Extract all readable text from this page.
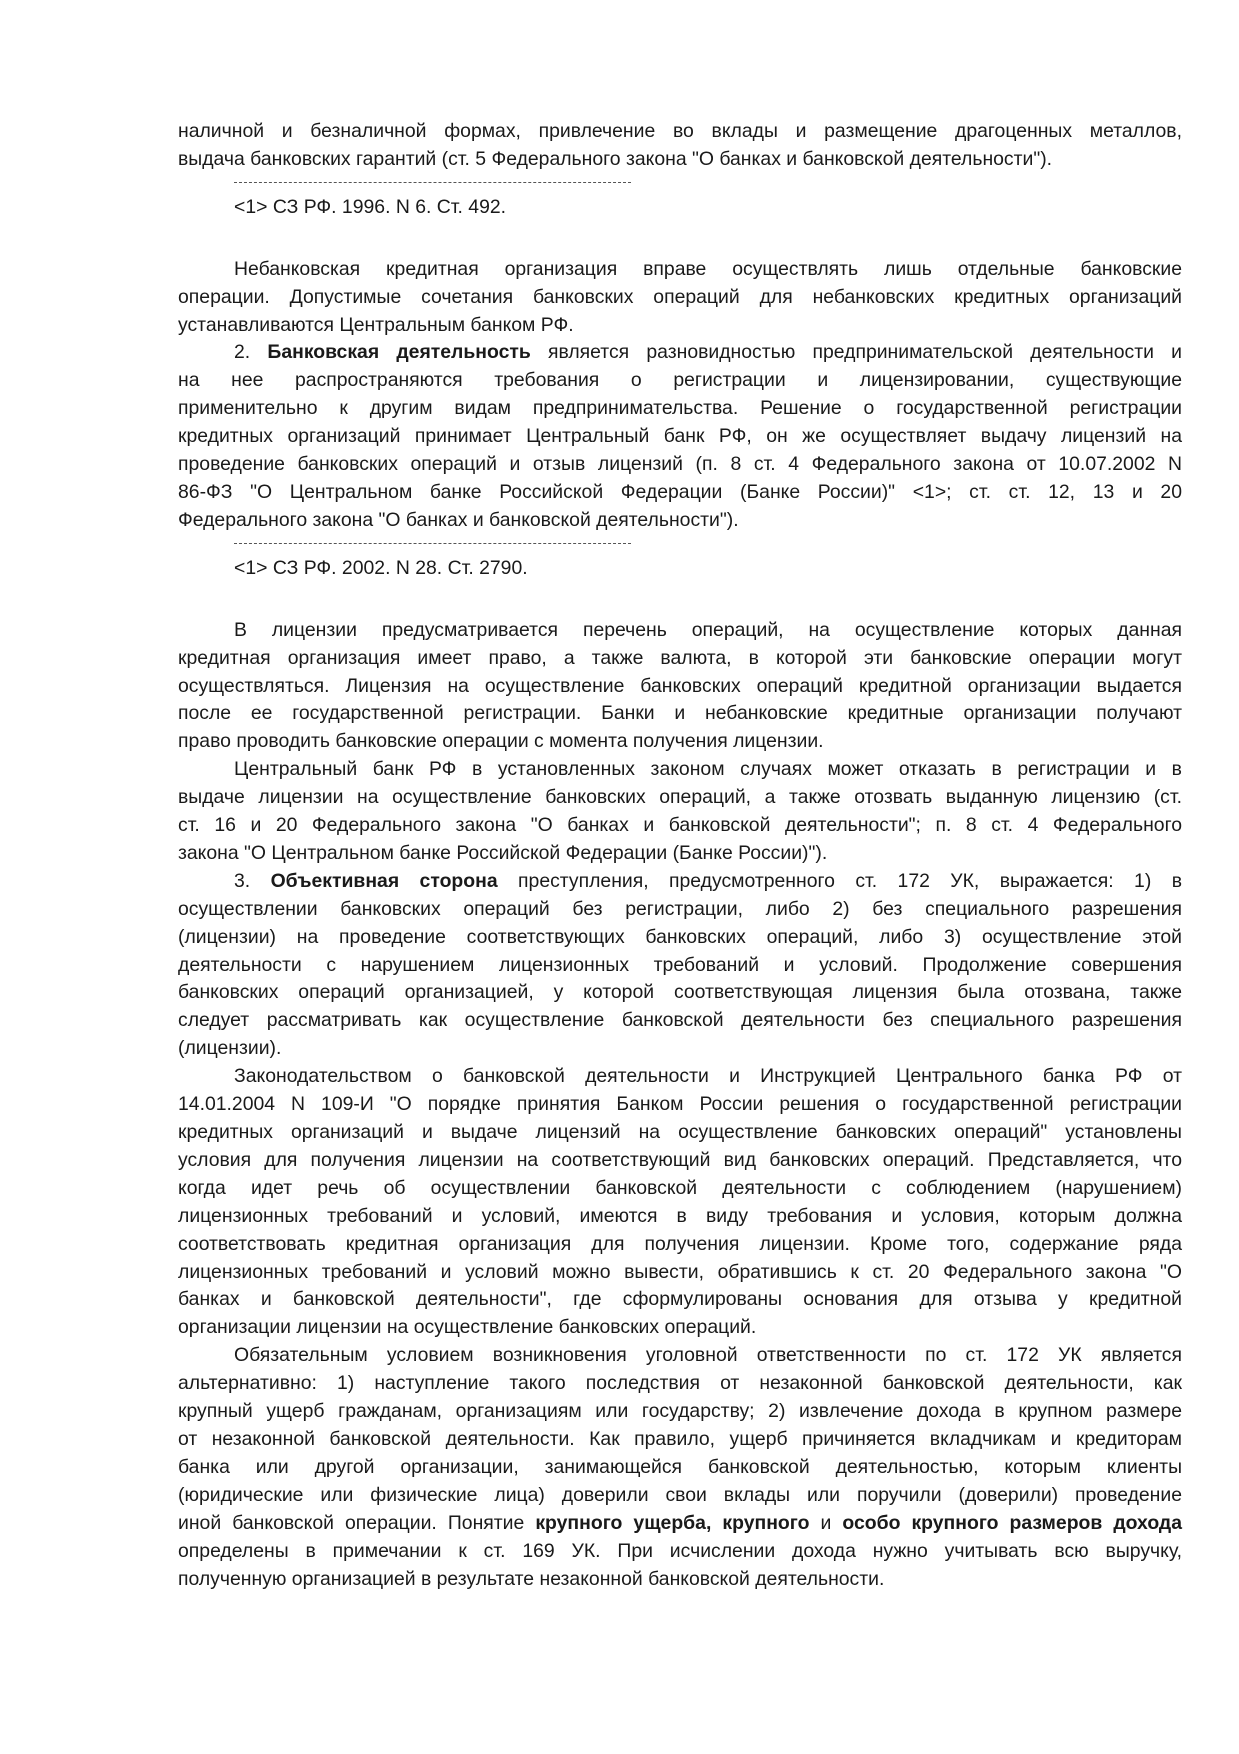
наличной и безналичной формах, привлечение во вклады и размещение драгоценных металлов,
выдача банковских гарантий (ст. 5 Федерального закона "О банках и банковской деятельности").

<1> СЗ РФ. 1996. N 6. Ст. 492.

Небанковская кредитная организация вправе осуществлять лишь отдельные банковские
операции. Допустимые сочетания банковских операций для небанковских кредитных организаций
устанавливаются Центральным банком РФ.

2. Банковская деятельность является разновидностью предпринимательской деятельности и
на нее распространяются требования о регистрации и лицензировании, существующие
применительно к другим видам предпринимательства. Решение о государственной регистрации
кредитных организаций принимает Центральный банк РФ, он же осуществляет выдачу лицензий на
проведение банковских операций и отзыв лицензий (п. 8 ст. 4 Федерального закона от 10.07.2002 N
86-ФЗ "О Центральном банке Российской Федерации (Банке России)" <1>; ст. ст. 12, 13 и 20
Федерального закона "О банках и банковской деятельности").

<1> СЗ РФ. 2002. N 28. Ст. 2790.

В лицензии предусматривается перечень операций, на осуществление которых данная
кредитная организация имеет право, а также валюта, в которой эти банковские операции могут
осуществляться. Лицензия на осуществление банковских операций кредитной организации выдается
после ее государственной регистрации. Банки и небанковские кредитные организации получают
право проводить банковские операции с момента получения лицензии.

Центральный банк РФ в установленных законом случаях может отказать в регистрации и в
выдаче лицензии на осуществление банковских операций, а также отозвать выданную лицензию (ст.
ст. 16 и 20 Федерального закона "О банках и банковской деятельности"; п. 8 ст. 4 Федерального
закона "О Центральном банке Российской Федерации (Банке России)").

3. Объективная сторона преступления, предусмотренного ст. 172 УК, выражается: 1) в
осуществлении банковских операций без регистрации, либо 2) без специального разрешения
(лицензии) на проведение соответствующих банковских операций, либо 3) осуществление этой
деятельности с нарушением лицензионных требований и условий. Продолжение совершения
банковских операций организацией, у которой соответствующая лицензия была отозвана, также
следует рассматривать как осуществление банковской деятельности без специального разрешения
(лицензии).

Законодательством о банковской деятельности и Инструкцией Центрального банка РФ от
14.01.2004 N 109-И "О порядке принятия Банком России решения о государственной регистрации
кредитных организаций и выдаче лицензий на осуществление банковских операций" установлены
условия для получения лицензии на соответствующий вид банковских операций. Представляется, что
когда идет речь об осуществлении банковской деятельности с соблюдением (нарушением)
лицензионных требований и условий, имеются в виду требования и условия, которым должна
соответствовать кредитная организация для получения лицензии. Кроме того, содержание ряда
лицензионных требований и условий можно вывести, обратившись к ст. 20 Федерального закона "О
банках и банковской деятельности", где сформулированы основания для отзыва у кредитной
организации лицензии на осуществление банковских операций.

Обязательным условием возникновения уголовной ответственности по ст. 172 УК является
альтернативно: 1) наступление такого последствия от незаконной банковской деятельности, как
крупный ущерб гражданам, организациям или государству; 2) извлечение дохода в крупном размере
от незаконной банковской деятельности. Как правило, ущерб причиняется вкладчикам и кредиторам
банка или другой организации, занимающейся банковской деятельностью, которым клиенты
(юридические или физические лица) доверили свои вклады или поручили (доверили) проведение
иной банковской операции. Понятие крупного ущерба, крупного и особо крупного размеров дохода
определены в примечании к ст. 169 УК. При исчислении дохода нужно учитывать всю выручку,
полученную организацией в результате незаконной банковской деятельности.
